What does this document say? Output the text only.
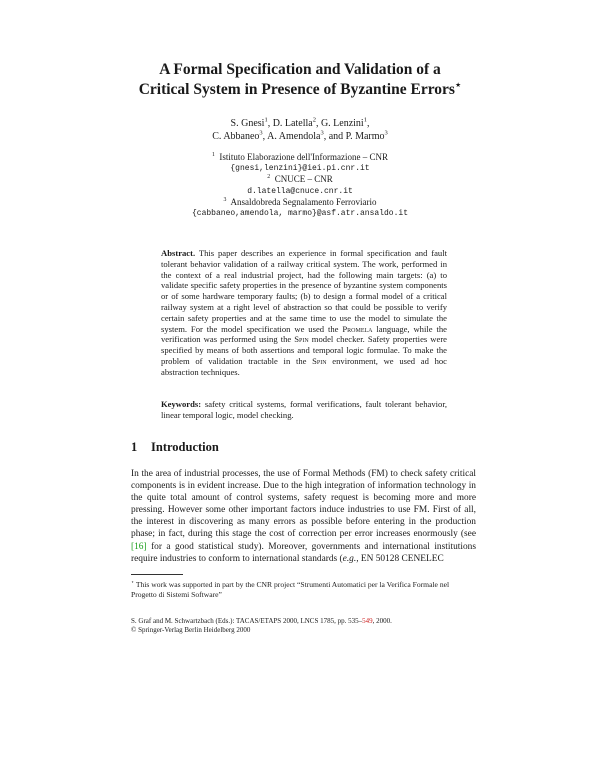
A Formal Specification and Validation of a
Critical System in Presence of Byzantine Errors⋆
S. Gnesi$^1$, D. Latella$^2$, G. Lenzini$^1$,
C. Abbaneo$^3$, A. Amendola$^3$, and P. Marmo$^3$
$^1$ Istituto Elaborazione dell'Informazione – CNR
{gnesi,lenzini}@iei.pi.cnr.it
$^2$ CNUCE – CNR
d.latella@cnuce.cnr.it
$^3$ Ansaldobreda Segnalamento Ferroviario
{cabbaneo,amendola, marmo}@asf.atr.ansaldo.it
Abstract. This paper describes an experience in formal specification and fault tolerant behavior validation of a railway critical system. The work, performed in the context of a real industrial project, had the following main targets: (a) to validate specific safety properties in the presence of byzantine system components or of some hardware temporary faults; (b) to design a formal model of a critical railway system at a right level of abstraction so that could be possible to verify certain safety properties and at the same time to use the model to simulate the system. For the model specification we used the Promela language, while the verification was performed using the Spin model checker. Safety properties were specified by means of both assertions and temporal logic formulae. To make the problem of validation tractable in the Spin environment, we used ad hoc abstraction techniques.
Keywords: safety critical systems, formal verifications, fault tolerant behavior, linear temporal logic, model checking.
1 Introduction
In the area of industrial processes, the use of Formal Methods (FM) to check safety critical components is in evident increase. Due to the high integration of information technology in the quite total amount of control systems, safety request is becoming more and more pressing. However some other important factors induce industries to use FM. First of all, the interest in discovering as many errors as possible before entering in the production phase; in fact, during this stage the cost of correction per error increases enormously (see [16] for a good statistical study). Moreover, governments and international institutions require industries to conform to international standards (e.g., EN 50128 CENELEC
⋆ This work was supported in part by the CNR project “Strumenti Automatici per la Verifica Formale nel Progetto di Sistemi Software”
S. Graf and M. Schwartzbach (Eds.): TACAS/ETAPS 2000, LNCS 1785, pp. 535–549, 2000.
© Springer-Verlag Berlin Heidelberg 2000
